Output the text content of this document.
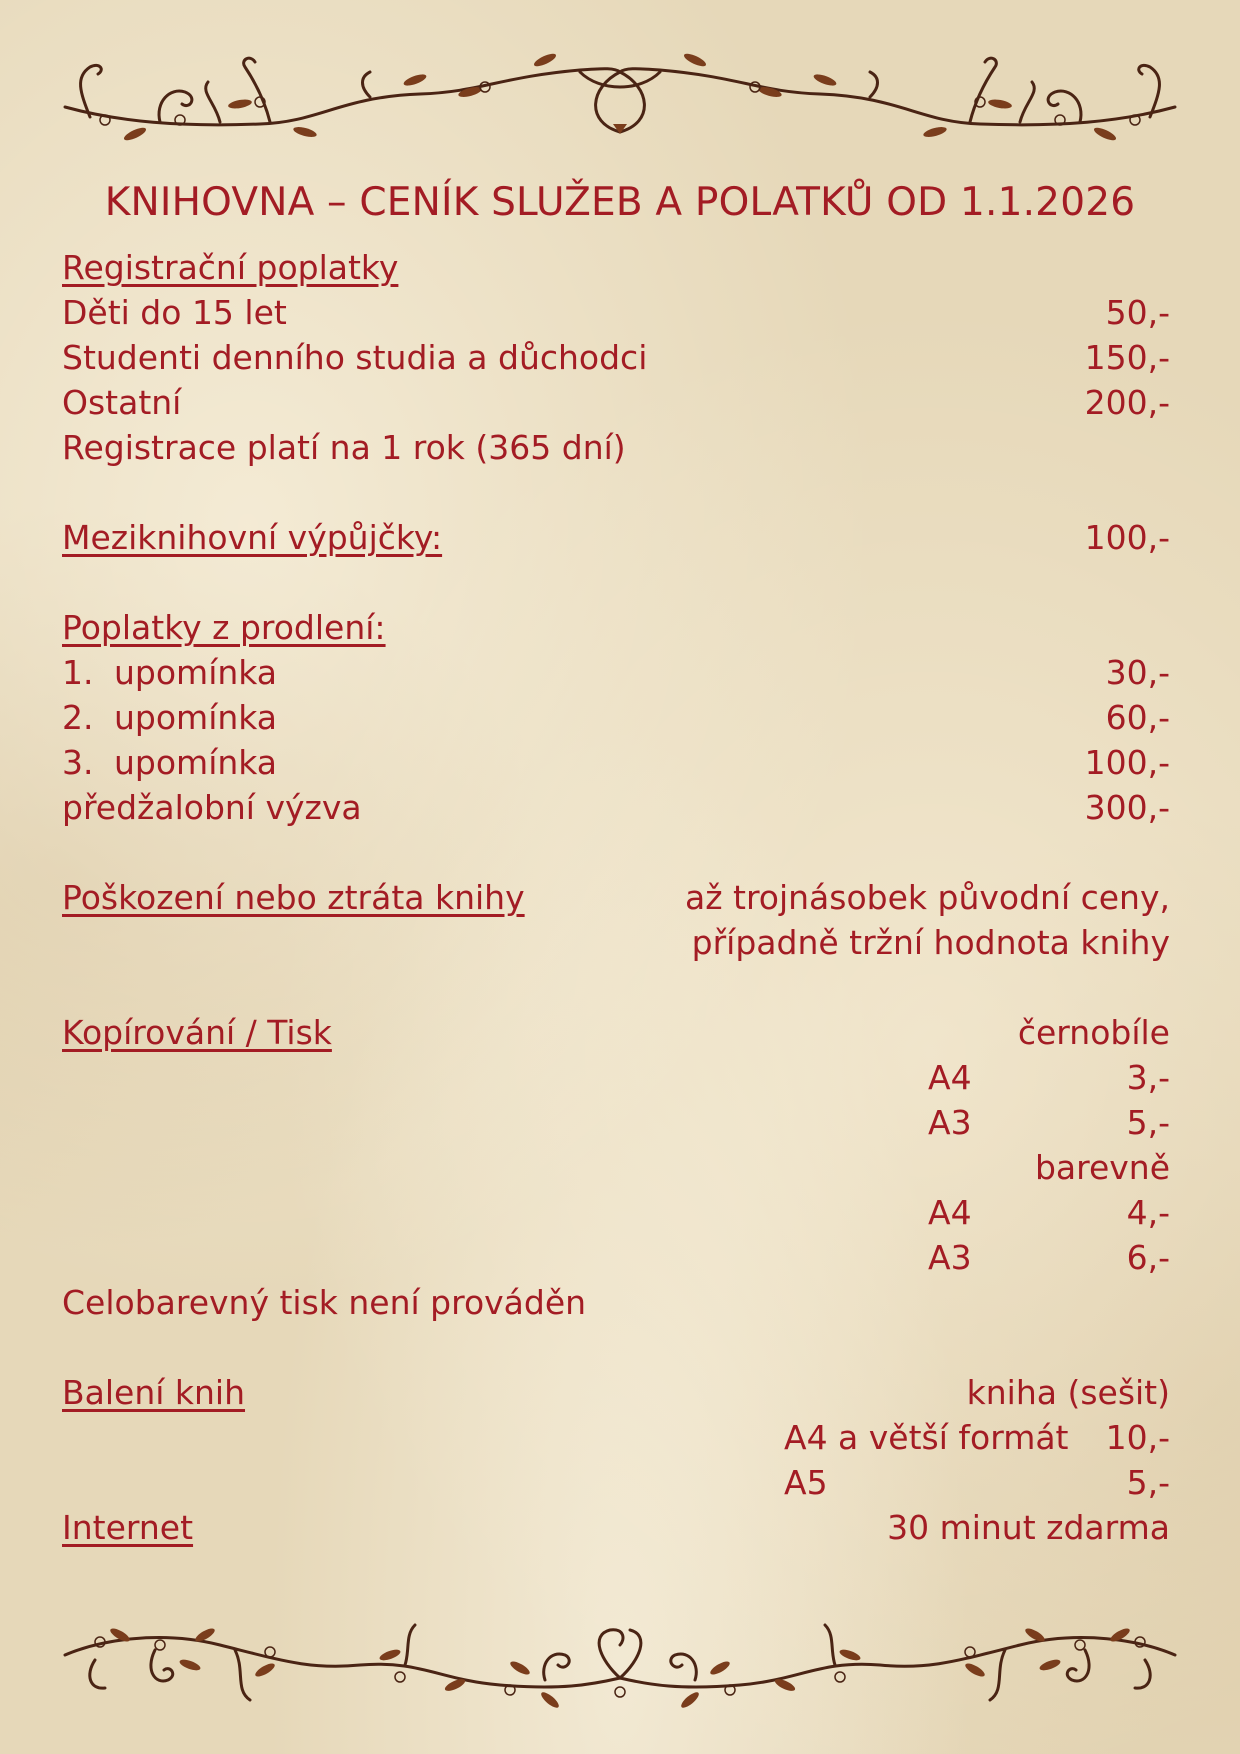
KNIHOVNA – CENÍK SLUŽEB A POLATKŮ OD 1.1.2026
Registrační poplatky
Děti do 15 let	50,-
Studenti denního studia a důchodci	150,-
Ostatní	200,-
Registrace platí na 1 rok (365 dní)
Meziknihovní výpůjčky:	100,-
Poplatky z prodlení:
1. upomínka	30,-
2. upomínka	60,-
3. upomínka	100,-
předžalobní výzva	300,-
Poškození nebo ztráta knihy	až trojnásobek původní ceny,
případně tržní hodnota knihy
Kopírování / Tisk	černobíle
A4	3,-
A3	5,-
barevně
A4	4,-
A3	6,-
Celobarevný tisk není prováděn
Balení knih	kniha (sešit)
A4 a větší formát 10,-
A5	5,-
Internet	30 minut zdarma
